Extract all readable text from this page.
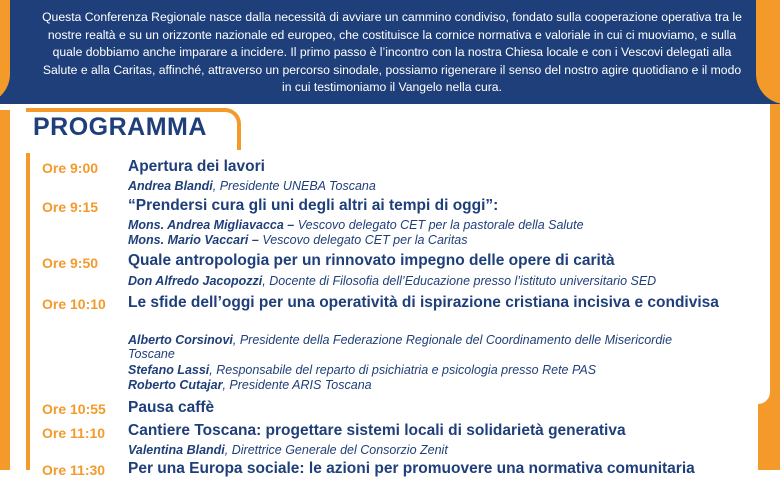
Questa Conferenza Regionale nasce dalla necessità di avviare un cammino condiviso, fondato sulla cooperazione operativa tra le nostre realtà e su un orizzonte nazionale ed europeo, che costituisce la cornice normativa e valoriale in cui ci muoviamo, e sulla quale dobbiamo anche imparare a incidere. Il primo passo è l’incontro con la nostra Chiesa locale e con i Vescovi delegati alla Salute e alla Caritas, affinché, attraverso un percorso sinodale, possiamo rigenerare il senso del nostro agire quotidiano e il modo in cui testimoniamo il Vangelo nella cura.

PROGRAMMA
Ore 9:00 Apertura dei lavori
Andrea Blandi, Presidente UNEBA Toscana
Ore 9:15 “Prendersi cura gli uni degli altri ai tempi di oggi”:
Mons. Andrea Migliavacca – Vescovo delegato CET per la pastorale della Salute
Mons. Mario Vaccari – Vescovo delegato CET per la Caritas
Ore 9:50 Quale antropologia per un rinnovato impegno delle opere di carità
Don Alfredo Jacopozzi, Docente di Filosofia dell’Educazione presso l’istituto universitario SED
Ore 10:10 Le sfide dell’oggi per una operatività di ispirazione cristiana incisiva e condivisa
Alberto Corsinovi, Presidente della Federazione Regionale del Coordinamento delle Misericordie Toscane
Stefano Lassi, Responsabile del reparto di psichiatria e psicologia presso Rete PAS
Roberto Cutajar, Presidente ARIS Toscana
Ore 10:55 Pausa caffè
Ore 11:10 Cantiere Toscana: progettare sistemi locali di solidarietà generativa
Valentina Blandi, Direttrice Generale del Consorzio Zenit
Ore 11:30 Per una Europa sociale: le azioni per promuovere una normativa comunitaria
